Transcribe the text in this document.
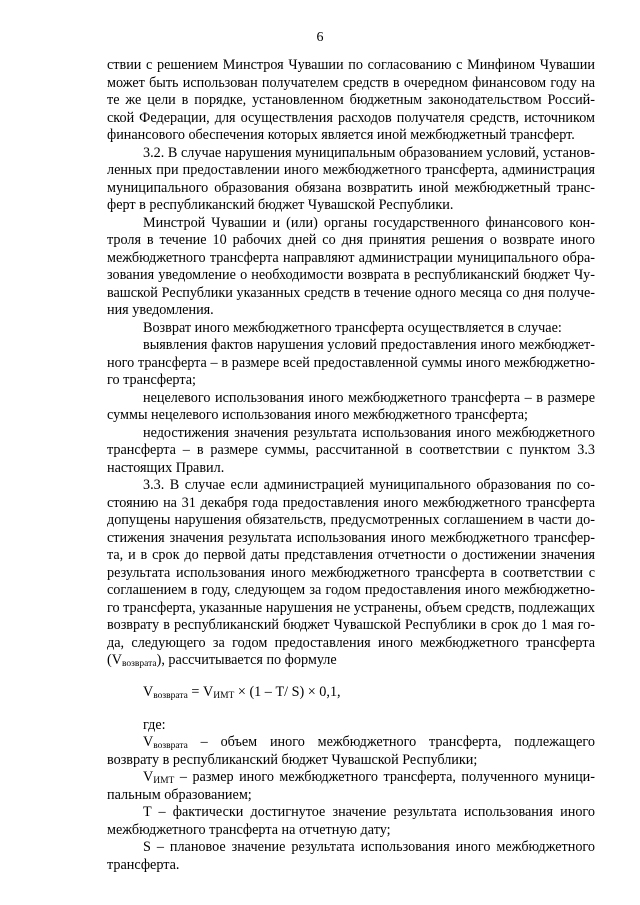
6

ствии с решением Минстроя Чувашии по согласованию с Минфином Чувашии может быть использован получателем средств в очередном финансовом году на те же цели в порядке, установленном бюджетным законодательством Российской Федерации, для осуществления расходов получателя средств, источником финансового обеспечения которых является иной межбюджетный трансферт.

3.2. В случае нарушения муниципальным образованием условий, установленных при предоставлении иного межбюджетного трансферта, администрация муниципального образования обязана возвратить иной межбюджетный трансферт в республиканский бюджет Чувашской Республики.

Минстрой Чувашии и (или) органы государственного финансового контроля в течение 10 рабочих дней со дня принятия решения о возврате иного межбюджетного трансферта направляют администрации муниципального образования уведомление о необходимости возврата в республиканский бюджет Чувашской Республики указанных средств в течение одного месяца со дня получения уведомления.

Возврат иного межбюджетного трансферта осуществляется в случае:

выявления фактов нарушения условий предоставления иного межбюджетного трансферта – в размере всей предоставленной суммы иного межбюджетного трансферта;

нецелевого использования иного межбюджетного трансферта – в размере суммы нецелевого использования иного межбюджетного трансферта;

недостижения значения результата использования иного межбюджетного трансферта – в размере суммы, рассчитанной в соответствии с пунктом 3.3 настоящих Правил.

3.3. В случае если администрацией муниципального образования по состоянию на 31 декабря года предоставления иного межбюджетного трансферта допущены нарушения обязательств, предусмотренных соглашением в части достижения значения результата использования иного межбюджетного трансферта, и в срок до первой даты представления отчетности о достижении значения результата использования иного межбюджетного трансферта в соответствии с соглашением в году, следующем за годом предоставления иного межбюджетного трансферта, указанные нарушения не устранены, объем средств, подлежащих возврату в республиканский бюджет Чувашской Республики в срок до 1 мая года, следующего за годом предоставления иного межбюджетного трансферта $(V_{возврата})$, рассчитывается по формуле

$V_{возврата} = V_{ИМТ} \times (1 - T/$ S) × 0,1,

где:

$V_{возврата}$ – объем иного межбюджетного трансферта, подлежащего возврату в республиканский бюджет Чувашской Республики;

$V_{ИМТ}$ – размер иного межбюджетного трансферта, полученного муниципальным образованием;

T – фактически достигнутое значение результата использования иного межбюджетного трансферта на отчетную дату;

S – плановое значение результата использования иного межбюджетного трансферта.
